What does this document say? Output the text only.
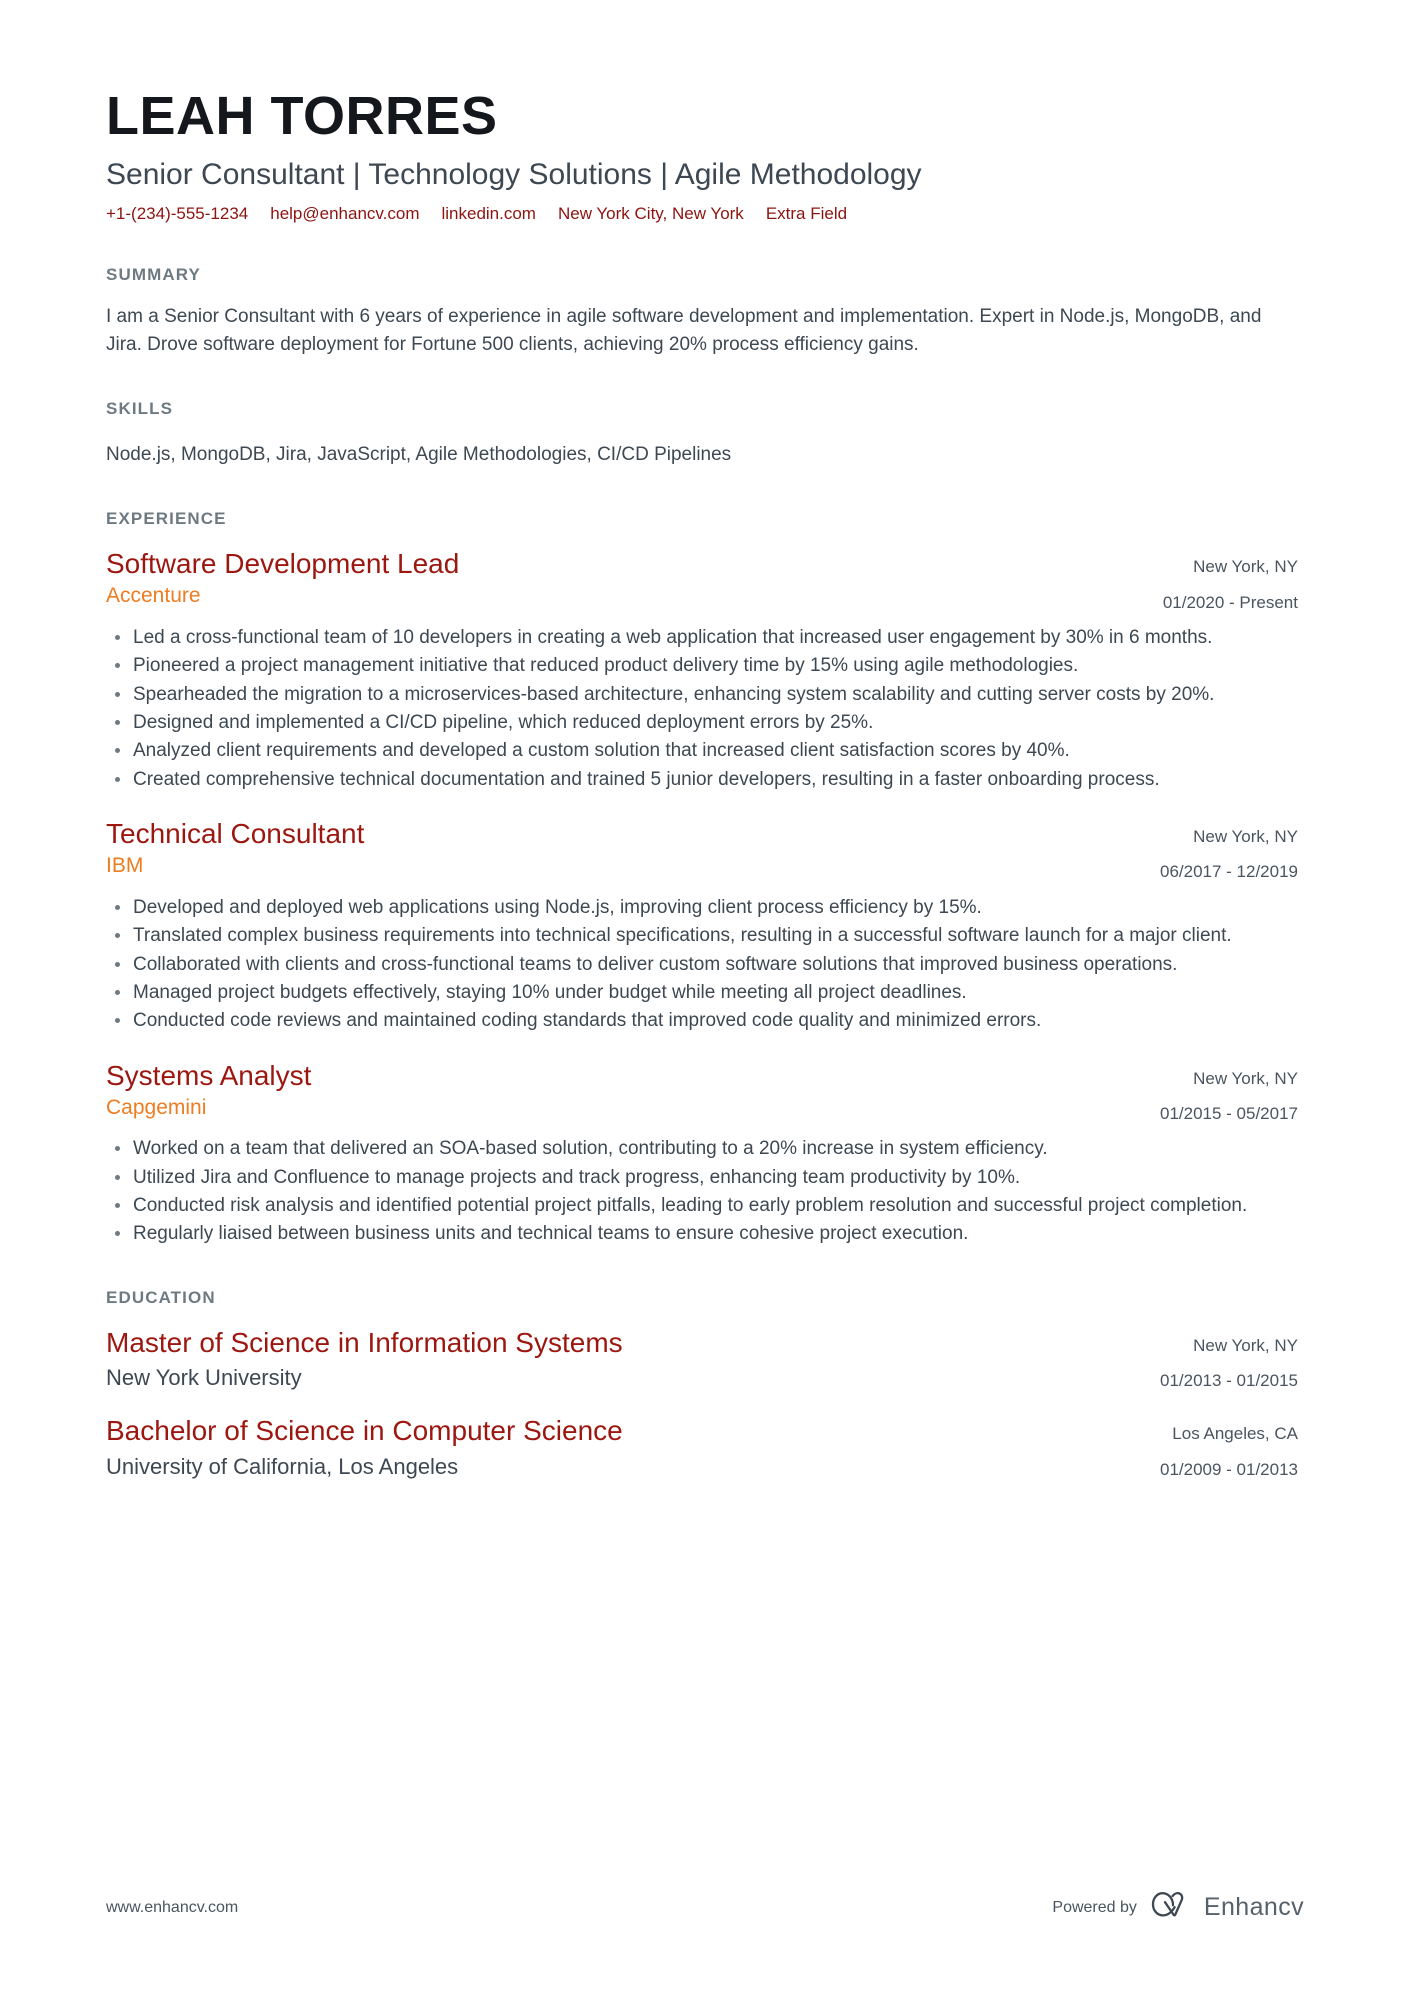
LEAH TORRES
Senior Consultant | Technology Solutions | Agile Methodology
+1-(234)-555-1234 help@enhancv.com linkedin.com New York City, New York Extra Field
SUMMARY

I am a Senior Consultant with 6 years of experience in agile software development and implementation. Expert in Node.js, MongoDB, and Jira. Drove software deployment for Fortune 500 clients, achieving 20% process efficiency gains.

SKILLS

Node.js, MongoDB, Jira, JavaScript, Agile Methodologies, CI/CD Pipelines

EXPERIENCE
Software Development Lead
Accenture
New York, NY
01/2020 - Present
Led a cross-functional team of 10 developers in creating a web application that increased user engagement by 30% in 6 months.
Pioneered a project management initiative that reduced product delivery time by 15% using agile methodologies.
Spearheaded the migration to a microservices-based architecture, enhancing system scalability and cutting server costs by 20%.
Designed and implemented a CI/CD pipeline, which reduced deployment errors by 25%.
Analyzed client requirements and developed a custom solution that increased client satisfaction scores by 40%.
Created comprehensive technical documentation and trained 5 junior developers, resulting in a faster onboarding process.
Technical Consultant
IBM
New York, NY
06/2017 - 12/2019
Developed and deployed web applications using Node.js, improving client process efficiency by 15%.
Translated complex business requirements into technical specifications, resulting in a successful software launch for a major client.
Collaborated with clients and cross-functional teams to deliver custom software solutions that improved business operations.
Managed project budgets effectively, staying 10% under budget while meeting all project deadlines.
Conducted code reviews and maintained coding standards that improved code quality and minimized errors.
Systems Analyst
Capgemini
New York, NY
01/2015 - 05/2017
Worked on a team that delivered an SOA-based solution, contributing to a 20% increase in system efficiency.
Utilized Jira and Confluence to manage projects and track progress, enhancing team productivity by 10%.
Conducted risk analysis and identified potential project pitfalls, leading to early problem resolution and successful project completion.
Regularly liaised between business units and technical teams to ensure cohesive project execution.
EDUCATION
Master of Science in Information Systems
New York University
New York, NY
01/2013 - 01/2015
Bachelor of Science in Computer Science
University of California, Los Angeles
Los Angeles, CA
01/2009 - 01/2013
www.enhancv.com	Powered by	Enhancv
